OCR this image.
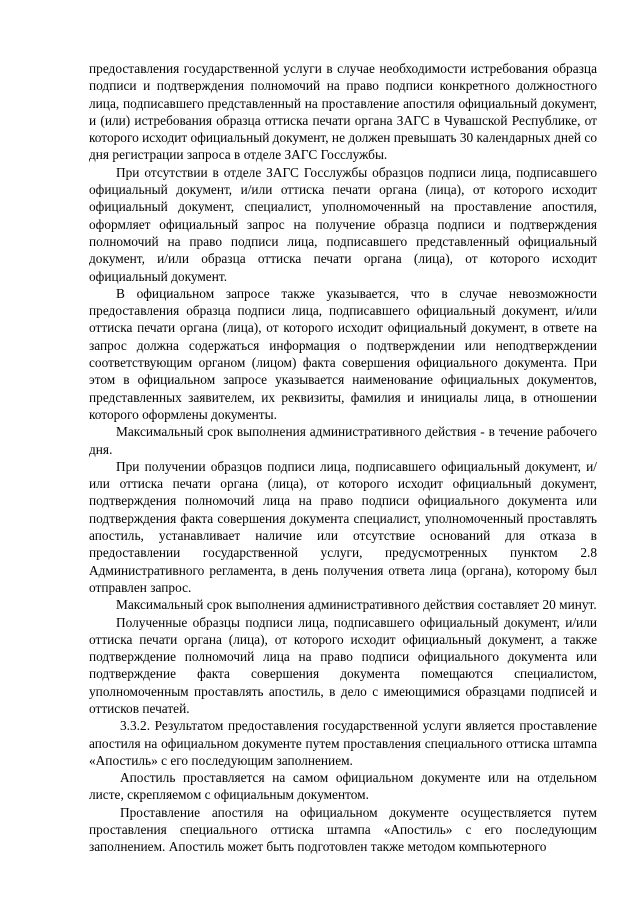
предоставления государственной услуги в случае необходимости истребования образца подписи и подтверждения полномочий на право подписи конкретного должностного лица, подписавшего представленный на проставление апостиля официальный документ, и (или) истребования образца оттиска печати органа ЗАГС в Чувашской Республике, от которого исходит официальный документ, не должен превышать 30 календарных дней со дня регистрации запроса в отделе ЗАГС Госслужбы.

При отсутствии в отделе ЗАГС Госслужбы образцов подписи лица, подписавшего официальный документ, и/или оттиска печати органа (лица), от которого исходит официальный документ, специалист, уполномоченный на проставление апостиля, оформляет официальный запрос на получение образца подписи и подтверждения полномочий на право подписи лица, подписавшего представленный официальный документ, и/или образца оттиска печати органа (лица), от которого исходит официальный документ.

В официальном запросе также указывается, что в случае невозможности предоставления образца подписи лица, подписавшего официальный документ, и/или оттиска печати органа (лица), от которого исходит официальный документ, в ответе на запрос должна содержаться информация о подтверждении или неподтверждении соответствующим органом (лицом) факта совершения официального документа. При этом в официальном запросе указывается наименование официальных документов, представленных заявителем, их реквизиты, фамилия и инициалы лица, в отношении которого оформлены документы.

Максимальный срок выполнения административного действия - в течение рабочего дня.

При получении образцов подписи лица, подписавшего официальный документ, и/или оттиска печати органа (лица), от которого исходит официальный документ, подтверждения полномочий лица на право подписи официального документа или подтверждения факта совершения документа специалист, уполномоченный проставлять апостиль, устанавливает наличие или отсутствие оснований для отказа в предоставлении государственной услуги, предусмотренных пунктом 2.8 Административного регламента, в день получения ответа лица (органа), которому был отправлен запрос.

Максимальный срок выполнения административного действия составляет 20 минут.

Полученные образцы подписи лица, подписавшего официальный документ, и/или оттиска печати органа (лица), от которого исходит официальный документ, а также подтверждение полномочий лица на право подписи официального документа или подтверждение факта совершения документа помещаются специалистом, уполномоченным проставлять апостиль, в дело с имеющимися образцами подписей и оттисков печатей.

3.3.2. Результатом предоставления государственной услуги является проставление апостиля на официальном документе путем проставления специального оттиска штампа «Апостиль» с его последующим заполнением.

Апостиль проставляется на самом официальном документе или на отдельном листе, скрепляемом с официальным документом.

Проставление апостиля на официальном документе осуществляется путем проставления специального оттиска штампа «Апостиль» с его последующим заполнением. Апостиль может быть подготовлен также методом компьютерного
